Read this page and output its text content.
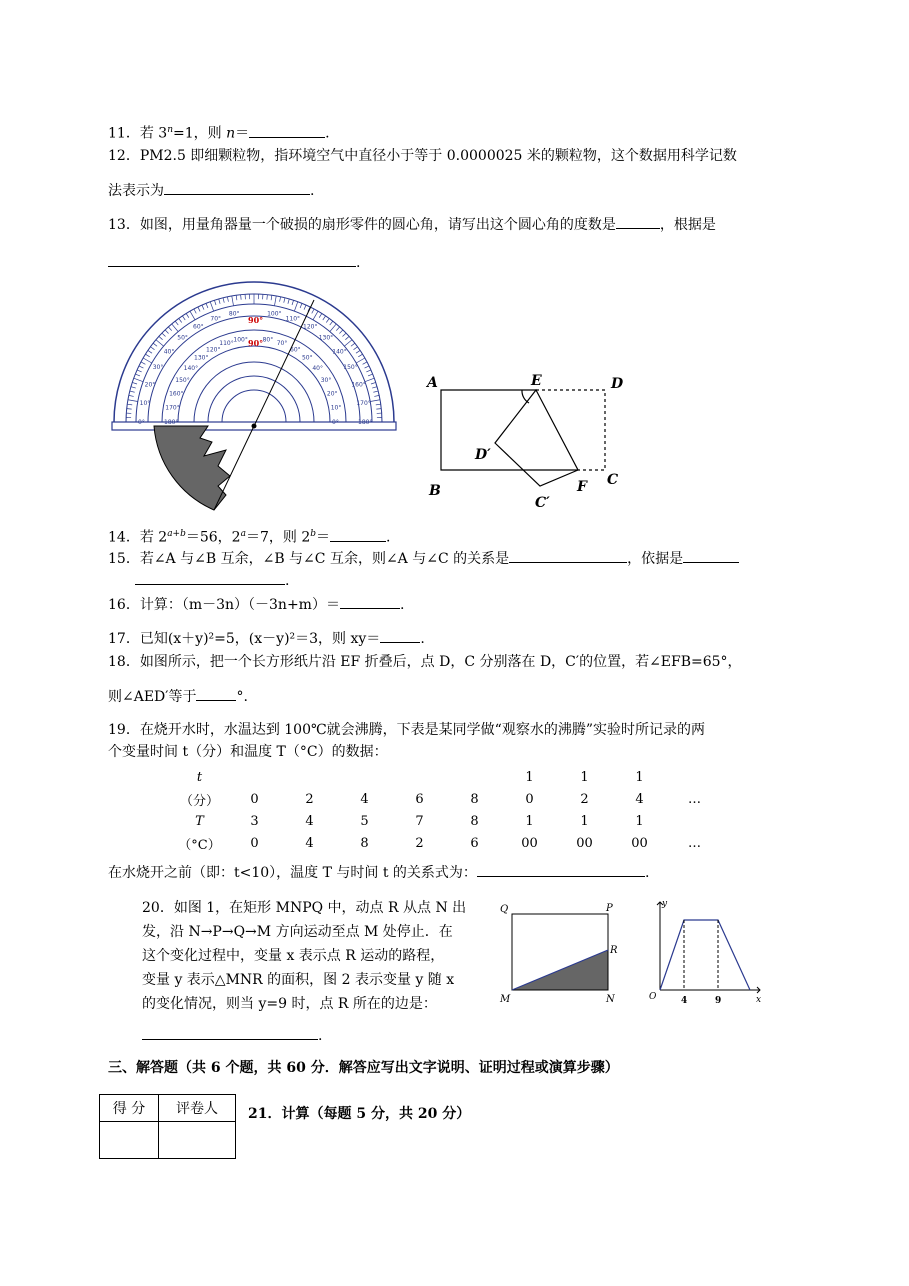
11．若 $3^n=1$，则 n＝	.
12．PM2.5 即细颗粒物，指环境空气中直径小于等于 0.0000025 米的颗粒物，这个数据用科学记数
法表示为	.
13．如图，用量角器量一个破损的扇形零件的圆心角，请写出这个圆心角的度数是	，根据是
.
0°	180°
10°
170°
20°
160°
30°
150°
40°
140°
50°
130°
60°
120°
70°
110°
80°
100°
100°
80°
110°
70°
120°
60°
130°
50°
140°
40°	150°
30°
160°
20°
170°
10°
180°
0°
90°
90°
A	E	D
D′
B	F C
C′
14．若 $2^{a+b}=56$，$2^a=7$，则 $2^b=$	.
15．若∠A 与∠B 互余，∠B 与∠C 互余，则∠A 与∠C 的关系是	，依据是
.
16．计算：（m－3n）（－3n+m）＝	.
17．已知(x＋y)²=5，(x－y)²＝3，则 xy＝	.
18．如图所示，把一个长方形纸片沿 EF 折叠后，点 D，C 分别落在 D，C′的位置，若∠EFB=65°，
则∠AED′等于	°.
19．在烧开水时，水温达到 100℃就会沸腾，下表是某同学做“观察水的沸腾”实验时所记录的两
个变量时间 t（分）和温度 T（°C）的数据：
t						1	1	1	
（分）	0	2	4	6	8	0	2	4	…
T	3	4	5	7	8	1	1	1	
（°C）	0	4	8	2	6	00	00	00	…
在水烧开之前（即：t<10），温度 T 与时间 t 的关系式为：	.
20．如图 1，在矩形 MNPQ 中，动点 R 从点 N 出
发，沿 N→P→Q→M 方向运动至点 M 处停止．在
这个变化过程中，变量 x 表示点 R 运动的路程，
变量 y 表示△MNR 的面积，图 2 表示变量 y 随 x
的变化情况，则当 y=9 时，点 R 所在的边是：
.
Q	P
R
M	N
y
O	x
4	9
三、解答题（共 6 个题，共 60 分．解答应写出文字说明、证明过程或演算步骤）
得 分	评卷人
	21．计算（每题 5 分，共 20 分）
